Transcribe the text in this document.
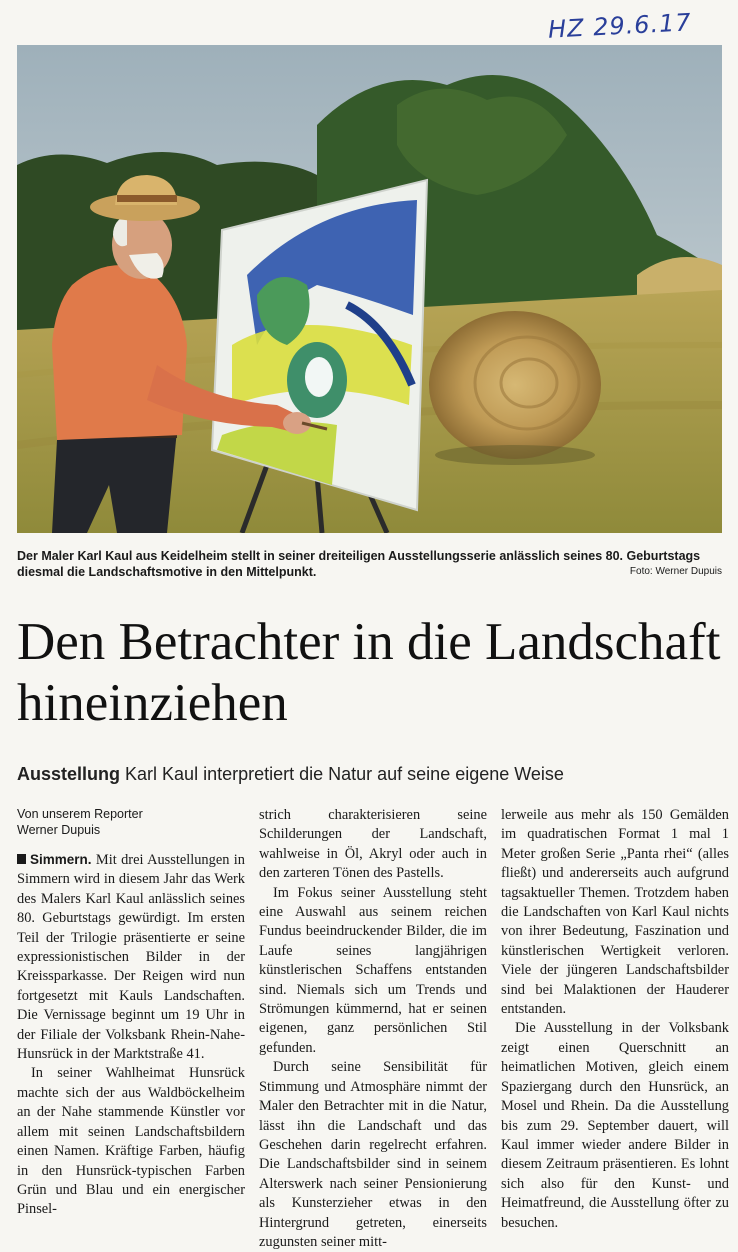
HZ 29.6.17
Der Maler Karl Kaul aus Keidelheim stellt in seiner dreiteiligen Ausstellungsserie anlässlich seines 80. Geburtstags diesmal die Landschaftsmotive in den Mittelpunkt.	Foto: Werner Dupuis
Den Betrachter in die Landschaft hineinziehen
Ausstellung Karl Kaul interpretiert die Natur auf seine eigene Weise
Von unserem Reporter
Werner Dupuis

Simmern. Mit drei Ausstellungen in Simmern wird in diesem Jahr das Werk des Malers Karl Kaul anlässlich seines 80. Geburtstags gewürdigt. Im ersten Teil der Trilogie präsentierte er seine expressionistischen Bilder in der Kreissparkasse. Der Reigen wird nun fortgesetzt mit Kauls Landschaften. Die Vernissage beginnt um 19 Uhr in der Filiale der Volksbank Rhein-Nahe-Hunsrück in der Marktstraße 41.

In seiner Wahlheimat Hunsrück machte sich der aus Waldböckelheim an der Nahe stammende Künstler vor allem mit seinen Landschaftsbildern einen Namen. Kräftige Farben, häufig in den Hunsrück-typischen Farben Grün und Blau und ein energischer Pinsel-

strich charakterisieren seine Schilderungen der Landschaft, wahlweise in Öl, Akryl oder auch in den zarteren Tönen des Pastells.

Im Fokus seiner Ausstellung steht eine Auswahl aus seinem reichen Fundus beeindruckender Bilder, die im Laufe seines langjährigen künstlerischen Schaffens entstanden sind. Niemals sich um Trends und Strömungen kümmernd, hat er seinen eigenen, ganz persönlichen Stil gefunden.

Durch seine Sensibilität für Stimmung und Atmosphäre nimmt der Maler den Betrachter mit in die Natur, lässt ihn die Landschaft und das Geschehen darin regelrecht erfahren. Die Landschaftsbilder sind in seinem Alterswerk nach seiner Pensionierung als Kunsterzieher etwas in den Hintergrund getreten, einerseits zugunsten seiner mitt-

lerweile aus mehr als 150 Gemälden im quadratischen Format 1 mal 1 Meter großen Serie „Panta rhei“ (alles fließt) und andererseits auch aufgrund tagsaktueller Themen. Trotzdem haben die Landschaften von Karl Kaul nichts von ihrer Bedeutung, Faszination und künstlerischen Wertigkeit verloren. Viele der jüngeren Landschaftsbilder sind bei Malaktionen der Hauderer entstanden.

Die Ausstellung in der Volksbank zeigt einen Querschnitt an heimatlichen Motiven, gleich einem Spaziergang durch den Hunsrück, an Mosel und Rhein. Da die Ausstellung bis zum 29. September dauert, will Kaul immer wieder andere Bilder in diesem Zeitraum präsentieren. Es lohnt sich also für den Kunst- und Heimatfreund, die Ausstellung öfter zu besuchen.
